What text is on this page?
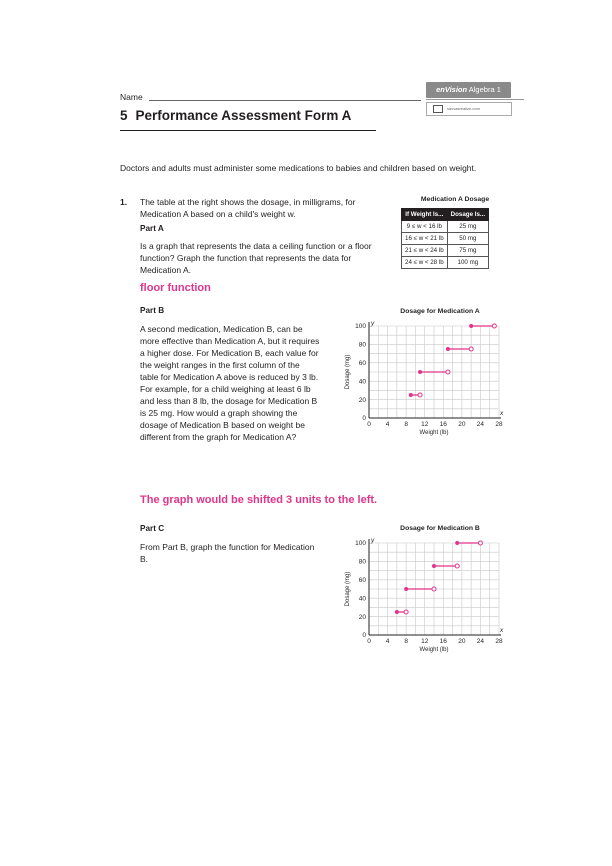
Name
enVision Algebra 1
savvasrealize.com
5 Performance Assessment Form A
Doctors and adults must administer some medications to babies and children based on weight.
1. The table at the right shows the dosage, in milligrams, for Medication A based on a child's weight w.
Medication A Dosage
If Weight Is...	Dosage Is...
9 ≤ w < 16 lb	25 mg
16 ≤ w < 21 lb	50 mg
21 ≤ w < 24 lb	75 mg
24 ≤ w < 28 lb	100 mg
Part A
Is a graph that represents the data a ceiling function or a floor function? Graph the function that represents the data for Medication A.
floor function
Part B
A second medication, Medication B, can be more effective than Medication A, but it requires a higher dose. For Medication B, each value for the weight ranges in the first column of the table for Medication A above is reduced by 3 lb. For example, for a child weighing at least 6 lb and less than 8 lb, the dosage for Medication B is 25 mg. How would a graph showing the dosage of Medication B based on weight be different from the graph for Medication A?
The graph would be shifted 3 units to the left.
Part C
From Part B, graph the function for Medication B.
Dosage for Medication A
x
y
0 4 8 12 16 20 24 28
0
20
40
60
80
100
Weight (lb)
Dosage (mg)
Dosage for Medication B
x
y
0 4 8 12 16 20 24 28
0
20
40
60
80
100
Weight (lb)
Dosage (mg)
